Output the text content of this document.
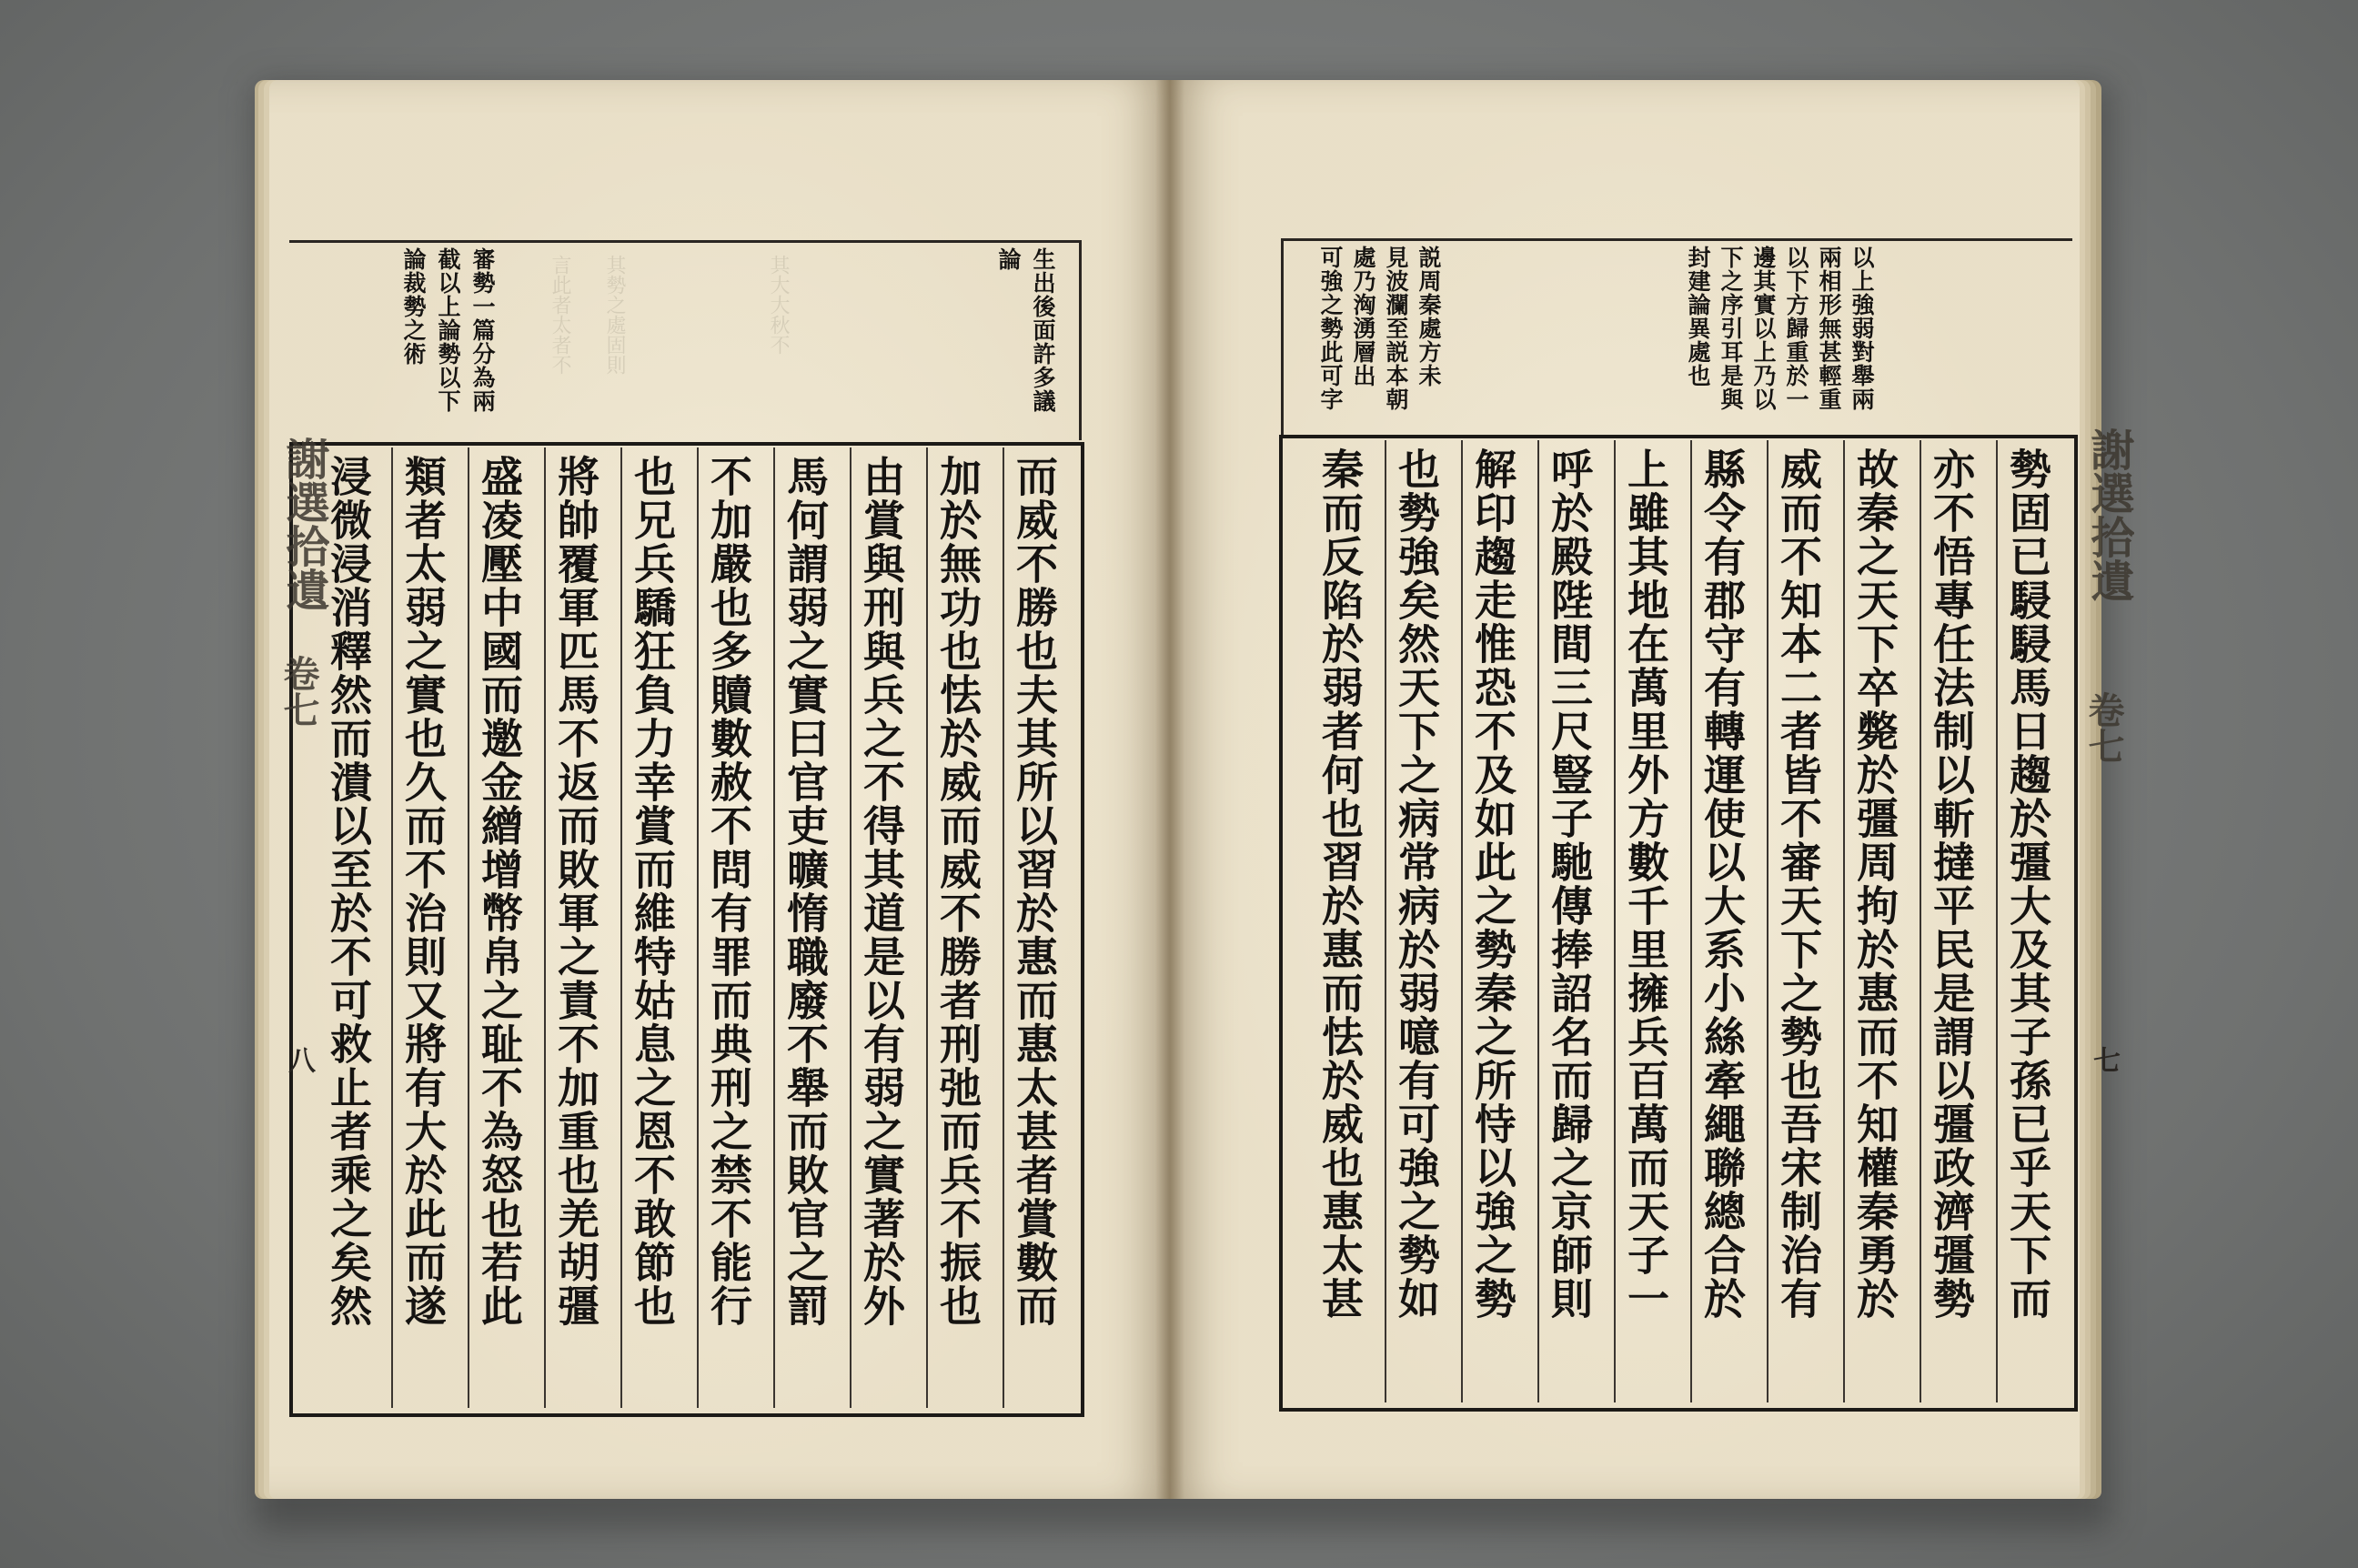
言此者太者不 其勢之處固則	其大大秋不	生出後面許多議
論
審勢一篇分為兩
截以上論勢以下
論裁勢之術
而威不勝也夫其所以習於惠而惠太甚者賞數而
加於無功也怯於威而威不勝者刑弛而兵不振也
由賞與刑與兵之不得其道是以有弱之實著於外
馬何謂弱之實曰官吏曠惰職廢不舉而敗官之罰
不加嚴也多贖數赦不問有罪而典刑之禁不能行
也兄兵驕狂負力幸賞而維特姑息之恩不敢節也
將帥覆軍匹馬不返而敗軍之責不加重也羌胡彊
盛凌壓中國而邀金繒增幣帛之耻不為怒也若此
類者太弱之實也久而不治則又將有大於此而遂
浸微浸消釋然而潰以至於不可救止者乘之矣然
謝選拾遺
卷七
八
以上強弱對舉兩
兩相形無甚輕重
以下方歸重於一
邊其實以上乃以
下之序引耳是與
封建論異處也
説周秦處方未
見波瀾至説本朝
處乃洶湧層出
可強之勢此可字
勢固已駸駸馬日趨於彊大及其子孫已乎天下而
亦不悟專任法制以斬撻平民是謂以彊政濟彊勢
故秦之天下卒斃於彊周拘於惠而不知權秦勇於
威而不知本二者皆不審天下之勢也吾宋制治有
縣令有郡守有轉運使以大系小絲牽繩聯總合於
上雖其地在萬里外方數千里擁兵百萬而天子一
呼於殿陛間三尺豎子馳傳捧詔名而歸之京師則
解印趨走惟恐不及如此之勢秦之所恃以強之勢
也勢強矣然天下之病常病於弱噫有可強之勢如
秦而反陷於弱者何也習於惠而怯於威也惠太甚	謝選拾遺
卷七
七
